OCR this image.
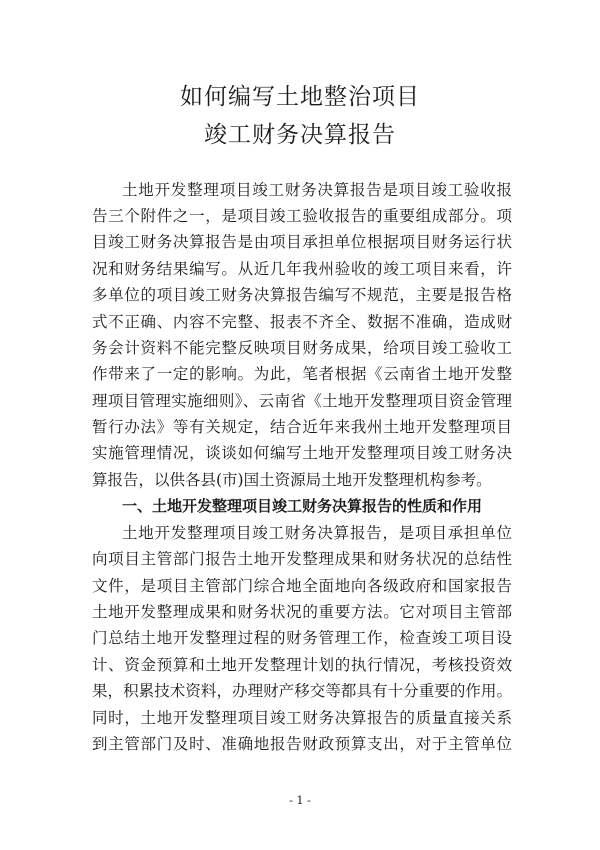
如何编写土地整治项目
竣工财务决算报告
土地开发整理项目竣工财务决算报告是项目竣工验收报
告三个附件之一，是项目竣工验收报告的重要组成部分。项
目竣工财务决算报告是由项目承担单位根据项目财务运行状
况和财务结果编写。从近几年我州验收的竣工项目来看，许
多单位的项目竣工财务决算报告编写不规范，主要是报告格
式不正确、内容不完整、报表不齐全、数据不准确，造成财
务会计资料不能完整反映项目财务成果，给项目竣工验收工
作带来了一定的影响。为此，笔者根据《云南省土地开发整
理项目管理实施细则》、云南省《土地开发整理项目资金管理
暂行办法》等有关规定，结合近年来我州土地开发整理项目
实施管理情况，谈谈如何编写土地开发整理项目竣工财务决
算报告，以供各县(市)国土资源局土地开发整理机构参考。
一、土地开发整理项目竣工财务决算报告的性质和作用
土地开发整理项目竣工财务决算报告，是项目承担单位
向项目主管部门报告土地开发整理成果和财务状况的总结性
文件，是项目主管部门综合地全面地向各级政府和国家报告
土地开发整理成果和财务状况的重要方法。它对项目主管部
门总结土地开发整理过程的财务管理工作，检查竣工项目设
计、资金预算和土地开发整理计划的执行情况，考核投资效
果，积累技术资料，办理财产移交等都具有十分重要的作用。
同时，土地开发整理项目竣工财务决算报告的质量直接关系
到主管部门及时、准确地报告财政预算支出，对于主管单位
- 1 -
